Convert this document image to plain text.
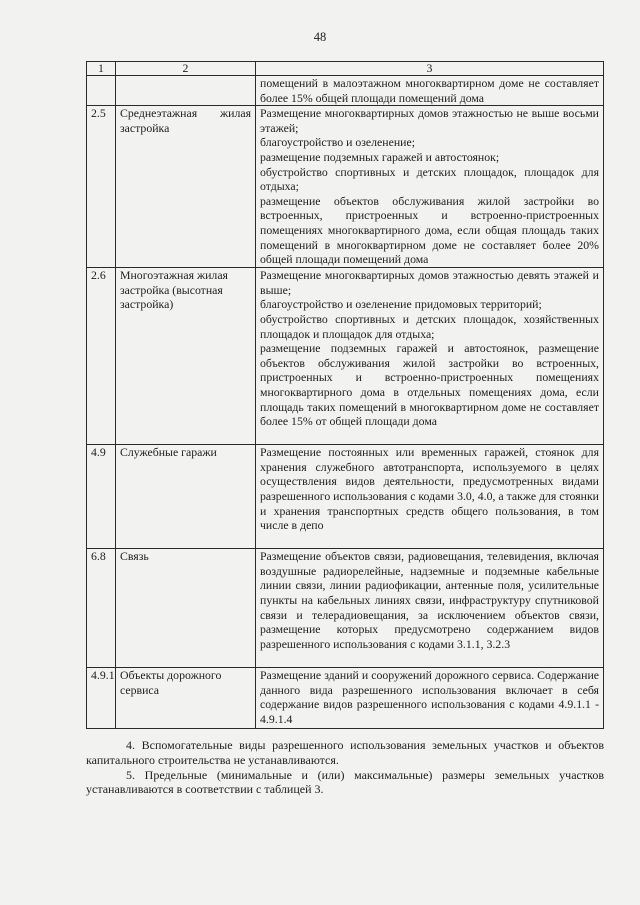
48
1	2	3
		помещений в малоэтажном многоквартирном доме не составляет более 15% общей площади помещений дома
2.5	Среднеэтажная жилая застройка	Размещение многоквартирных домов этажностью не выше восьми этажей;
благоустройство и озеленение;
размещение подземных гаражей и автостоянок;
обустройство спортивных и детских площадок, площадок для отдыха;
размещение объектов обслуживания жилой застройки во встроенных, пристроенных и встроенно-пристроенных помещениях многоквартирного дома, если общая площадь таких помещений в многоквартирном доме не составляет более 20% общей площади помещений дома

2.6	Многоэтажная жилая застройка (высотная застройка)	Размещение многоквартирных домов этажностью девять этажей и выше;
благоустройство и озеленение придомовых территорий;
обустройство спортивных и детских площадок, хозяйственных площадок и площадок для отдыха;
размещение подземных гаражей и автостоянок, размещение объектов обслуживания жилой застройки во встроенных, пристроенных и встроенно-пристроенных помещениях многоквартирного дома в отдельных помещениях дома, если площадь таких помещений в многоквартирном доме не составляет более 15% от общей площади дома

4.9	Служебные гаражи	Размещение постоянных или временных гаражей, стоянок для хранения служебного автотранспорта, используемого в целях осуществления видов деятельности, предусмотренных видами разрешенного использования с кодами 3.0, 4.0, а также для стоянки и хранения транспортных средств общего пользования, в том числе в депо
6.8	Связь	Размещение объектов связи, радиовещания, телевидения, включая воздушные радиорелейные, надземные и подземные кабельные линии связи, линии радиофикации, антенные поля, усилительные пункты на кабельных линиях связи, инфраструктуру спутниковой связи и телерадиовещания, за исключением объектов связи, размещение которых предусмотрено содержанием видов разрешенного использования с кодами 3.1.1, 3.2.3
4.9.1	Объекты дорожного сервиса	Размещение зданий и сооружений дорожного сервиса. Содержание данного вида разрешенного использования включает в себя содержание видов разрешенного использования с кодами 4.9.1.1 - 4.9.1.4

4. Вспомогательные виды разрешенного использования земельных участков и объектов капитального строительства не устанавливаются.

5. Предельные (минимальные и (или) максимальные) размеры земельных участков устанавливаются в соответствии с таблицей 3.
